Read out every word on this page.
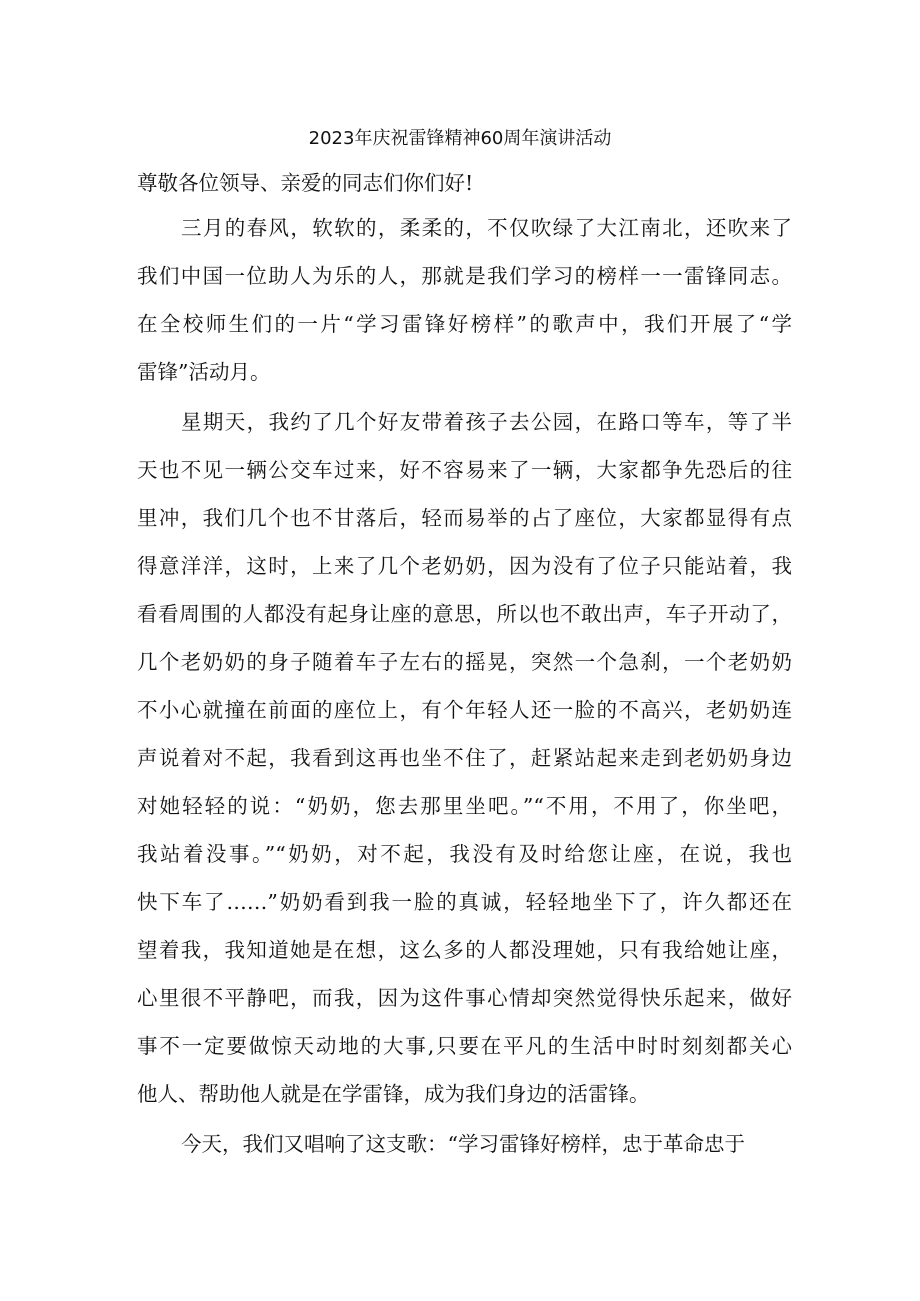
2023年庆祝雷锋精神60周年演讲活动
尊敬各位领导、亲爱的同志们你们好!
三月的春风，软软的，柔柔的，不仅吹绿了大江南北，还吹来了
我们中国一位助人为乐的人，那就是我们学习的榜样一一雷锋同志。
在全校师生们的一片“学习雷锋好榜样”的歌声中，我们开展了“学
雷锋”活动月。
星期天，我约了几个好友带着孩子去公园，在路口等车，等了半
天也不见一辆公交车过来，好不容易来了一辆，大家都争先恐后的往
里冲，我们几个也不甘落后，轻而易举的占了座位，大家都显得有点
得意洋洋，这时，上来了几个老奶奶，因为没有了位子只能站着，我
看看周围的人都没有起身让座的意思，所以也不敢出声，车子开动了，
几个老奶奶的身子随着车子左右的摇晃，突然一个急刹，一个老奶奶
不小心就撞在前面的座位上，有个年轻人还一脸的不高兴，老奶奶连
声说着对不起，我看到这再也坐不住了，赶紧站起来走到老奶奶身边
对她轻轻的说：“奶奶，您去那里坐吧。”“不用，不用了，你坐吧，
我站着没事。”“奶奶，对不起，我没有及时给您让座，在说，我也
快下车了……”奶奶看到我一脸的真诚，轻轻地坐下了，许久都还在
望着我，我知道她是在想，这么多的人都没理她，只有我给她让座，
心里很不平静吧，而我，因为这件事心情却突然觉得快乐起来，做好
事不一定要做惊天动地的大事,只要在平凡的生活中时时刻刻都关心
他人、帮助他人就是在学雷锋，成为我们身边的活雷锋。
今天，我们又唱响了这支歌：“学习雷锋好榜样，忠于革命忠于
